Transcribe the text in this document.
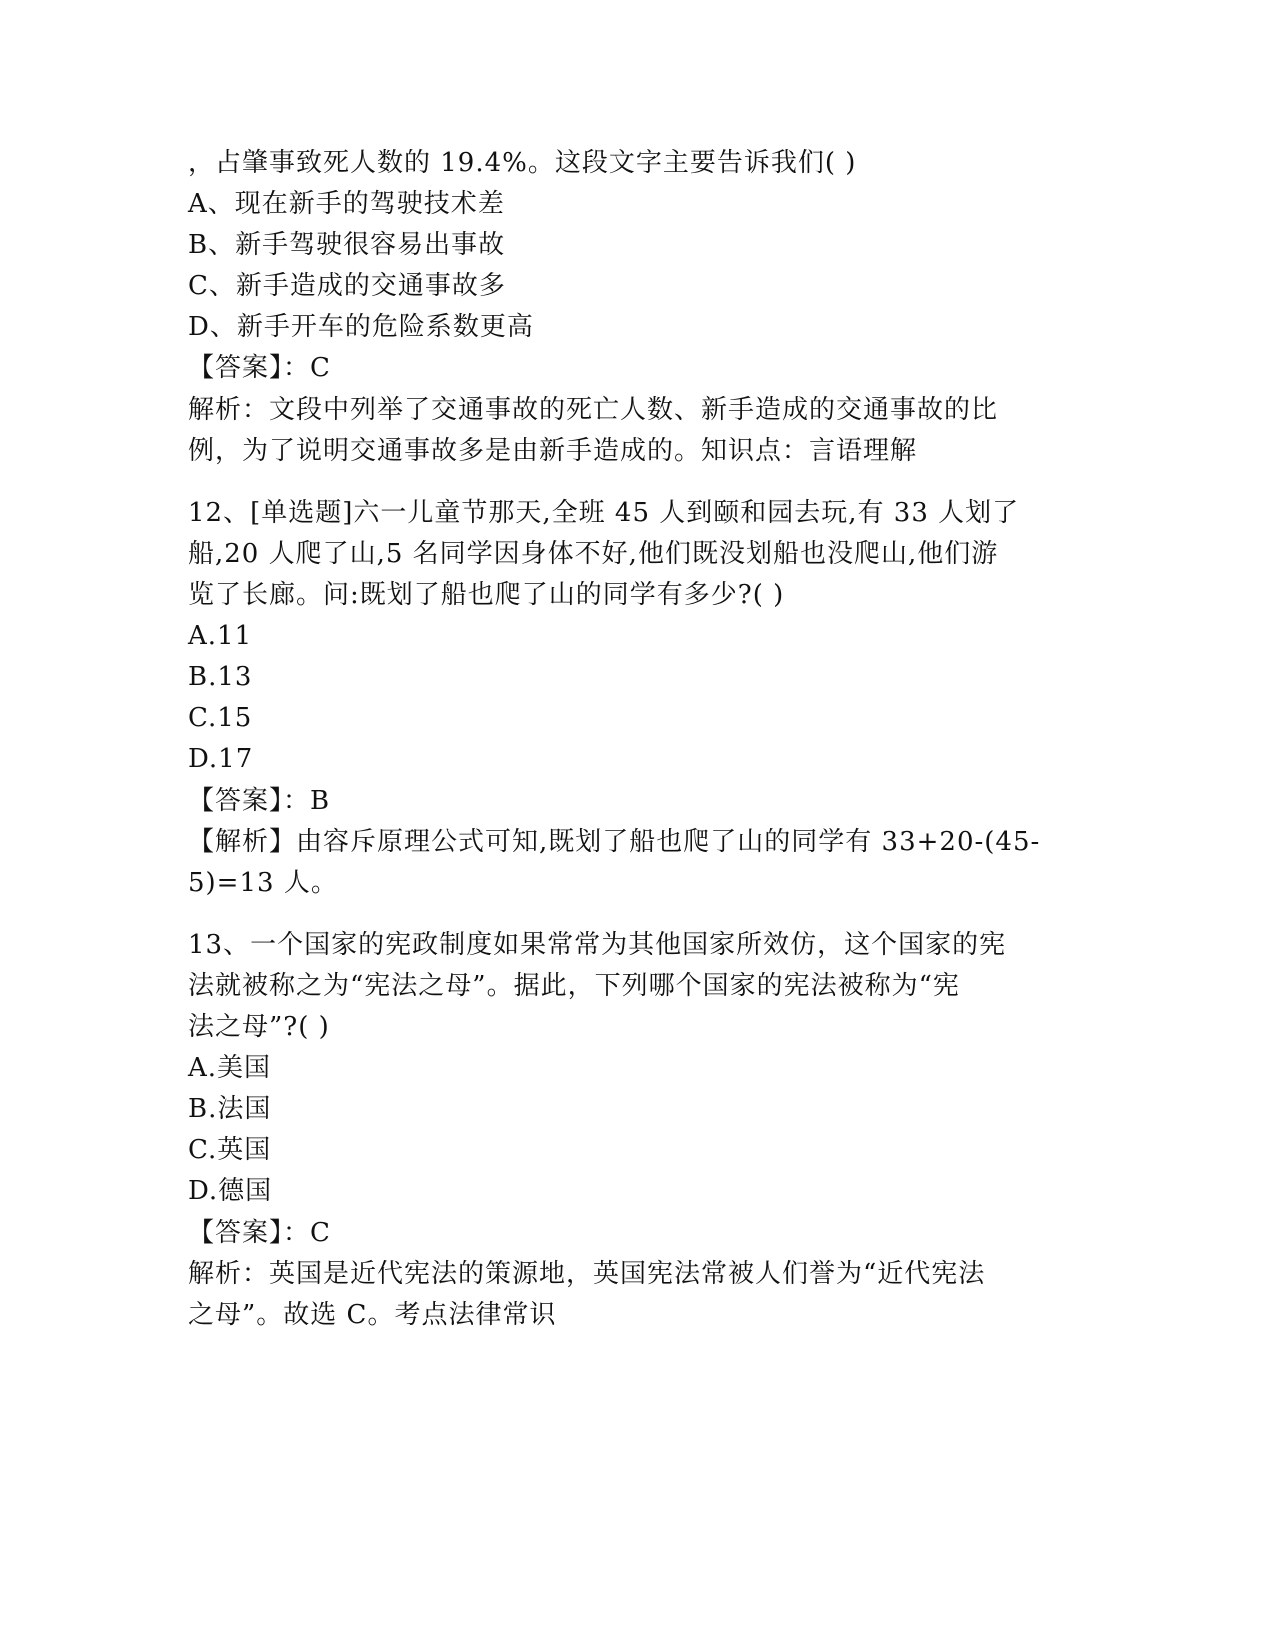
，占肇事致死人数的 19.4%。这段文字主要告诉我们( )
A、现在新手的驾驶技术差
B、新手驾驶很容易出事故
C、新手造成的交通事故多
D、新手开车的危险系数更高
【答案】：C
解析：文段中列举了交通事故的死亡人数、新手造成的交通事故的比
例，为了说明交通事故多是由新手造成的。知识点：言语理解
12、[单选题]六一儿童节那天,全班 45 人到颐和园去玩,有 33 人划了
船,20 人爬了山,5 名同学因身体不好,他们既没划船也没爬山,他们游
览了长廊。问:既划了船也爬了山的同学有多少?( )
A.11
B.13
C.15
D.17
【答案】：B
【解析】由容斥原理公式可知,既划了船也爬了山的同学有 33+20-(45-
5)=13 人。
13、一个国家的宪政制度如果常常为其他国家所效仿，这个国家的宪
法就被称之为“宪法之母”。据此，下列哪个国家的宪法被称为“宪
法之母”?( )
A.美国
B.法国
C.英国
D.德国
【答案】：C
解析：英国是近代宪法的策源地，英国宪法常被人们誉为“近代宪法
之母”。故选 C。考点法律常识
